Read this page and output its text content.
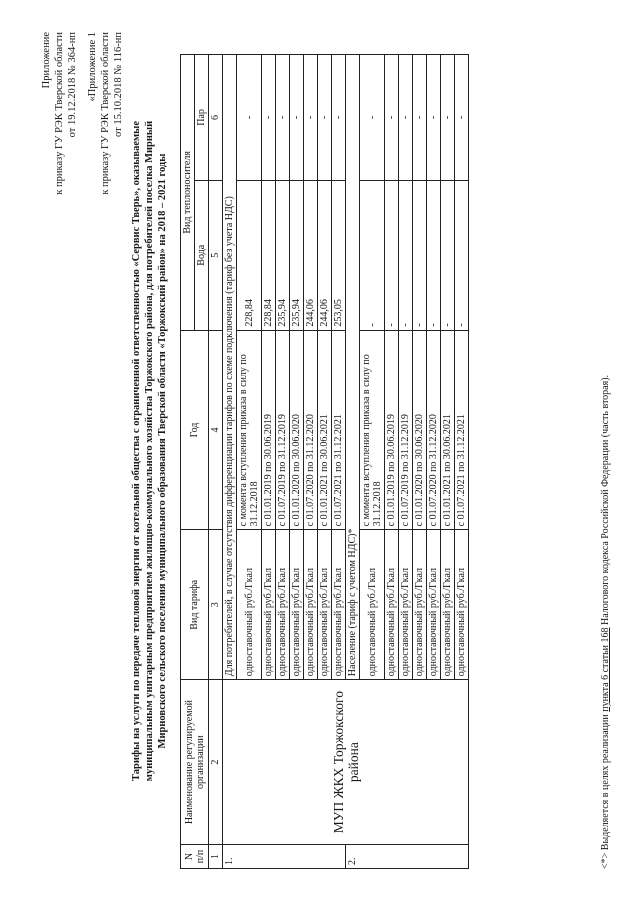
Приложение к приказу ГУ РЭК Тверской области от 19.12.2018 № 364-нп «Приложение 1 к приказу ГУ РЭК Тверской области от 15.10.2018 № 116-нп
Тарифы на услуги по передаче тепловой энергии от котельной общества с ограниченной ответственностью «Сервис Тверь», оказываемые муниципальным унитарным предприятием жилищно-коммунального хозяйства Торжокского района, для потребителей поселка Мирный Мирновского сельского поселения муниципального образования Тверской области «Торжокский район» на 2018 – 2021 годы
N п/п	Наименование регулируемой организации	Вид тарифа	Год	Вид теплоносителя	
				Вода	Пар
1	2	3	4	5	6
1.	МУП ЖКХ Торжокского района	Для потребителей, в случае отсутствия дифференциации тарифов по схеме подключения (тариф без учета НДС)			
		одноставочный руб./Гкал	с момента вступления приказа в силу по 31.12.2018	228,84	-
		одноставочный руб./Гкал	с 01.01.2019 по 30.06.2019	228,84	-
		одноставочный руб./Гкал	с 01.07.2019 по 31.12.2019	235,94	-
		одноставочный руб./Гкал	с 01.01.2020 по 30.06.2020	235,94	-
		одноставочный руб./Гкал	с 01.07.2020 по 31.12.2020	244,06	-
		одноставочный руб./Гкал	с 01.01.2021 по 30.06.2021	244,06	-
		одноставочный руб./Гкал	с 01.07.2021 по 31.12.2021	253,05	-
2.		Население (тариф с учетом НДС)*			
		одноставочный руб./Гкал	с момента вступления приказа в силу по 31.12.2018	-	-
		одноставочный руб./Гкал	с 01.01.2019 по 30.06.2019	-	-
		одноставочный руб./Гкал	с 01.07.2019 по 31.12.2019	-	-
		одноставочный руб./Гкал	с 01.01.2020 по 30.06.2020	-	-
		одноставочный руб./Гкал	с 01.07.2020 по 31.12.2020	-	-
		одноставочный руб./Гкал	с 01.01.2021 по 30.06.2021	-	-
		одноставочный руб./Гкал	с 01.07.2021 по 31.12.2021	-	-
<*> Выделяется в целях реализации пункта 6 статьи 168 Налогового кодекса Российской Федерации (часть вторая).
